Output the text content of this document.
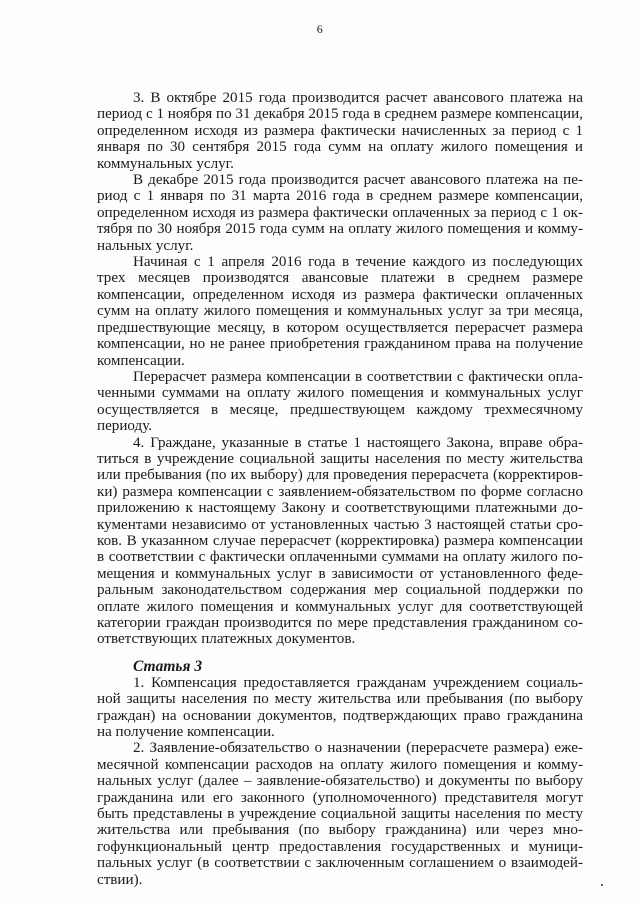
6

3. В октябре 2015 года производится расчет авансового платежа на период с 1 ноября по 31 декабря 2015 года в среднем размере компенсации, определенном исходя из размера фактически начисленных за период с 1 января по 30 сентября 2015 года сумм на оплату жилого помещения и коммунальных услуг.

В декабре 2015 года производится расчет авансового платежа на период с 1 января по 31 марта 2016 года в среднем размере компенсации, определенном исходя из размера фактически оплаченных за период с 1 октября по 30 ноября 2015 года сумм на оплату жилого помещения и коммунальных услуг.

Начиная с 1 апреля 2016 года в течение каждого из последующих трех месяцев производятся авансовые платежи в среднем размере компенсации, определенном исходя из размера фактически оплаченных сумм на оплату жилого помещения и коммунальных услуг за три месяца, предшествующие месяцу, в котором осуществляется перерасчет размера компенсации, но не ранее приобретения гражданином права на получение компенсации.

Перерасчет размера компенсации в соответствии с фактически оплаченными суммами на оплату жилого помещения и коммунальных услуг осуществляется в месяце, предшествующем каждому трехмесячному периоду.

4. Граждане, указанные в статье 1 настоящего Закона, вправе обратиться в учреждение социальной защиты населения по месту жительства или пребывания (по их выбору) для проведения перерасчета (корректировки) размера компенсации с заявлением-обязательством по форме согласно приложению к настоящему Закону и соответствующими платежными документами независимо от установленных частью 3 настоящей статьи сроков. В указанном случае перерасчет (корректировка) размера компенсации в соответствии с фактически оплаченными суммами на оплату жилого помещения и коммунальных услуг в зависимости от установленного федеральным законодательством содержания мер социальной поддержки по оплате жилого помещения и коммунальных услуг для соответствующей категории граждан производится по мере представления гражданином соответствующих платежных документов.

Статья 3

1. Компенсация предоставляется гражданам учреждением социальной защиты населения по месту жительства или пребывания (по выбору граждан) на основании документов, подтверждающих право гражданина на получение компенсации.

2. Заявление-обязательство о назначении (перерасчете размера) ежемесячной компенсации расходов на оплату жилого помещения и коммунальных услуг (далее – заявление-обязательство) и документы по выбору гражданина или его законного (уполномоченного) представителя могут быть представлены в учреждение социальной защиты населения по месту жительства или пребывания (по выбору гражданина) или через многофункциональный центр предоставления государственных и муниципальных услуг (в соответствии с заключенным соглашением о взаимодействии).
